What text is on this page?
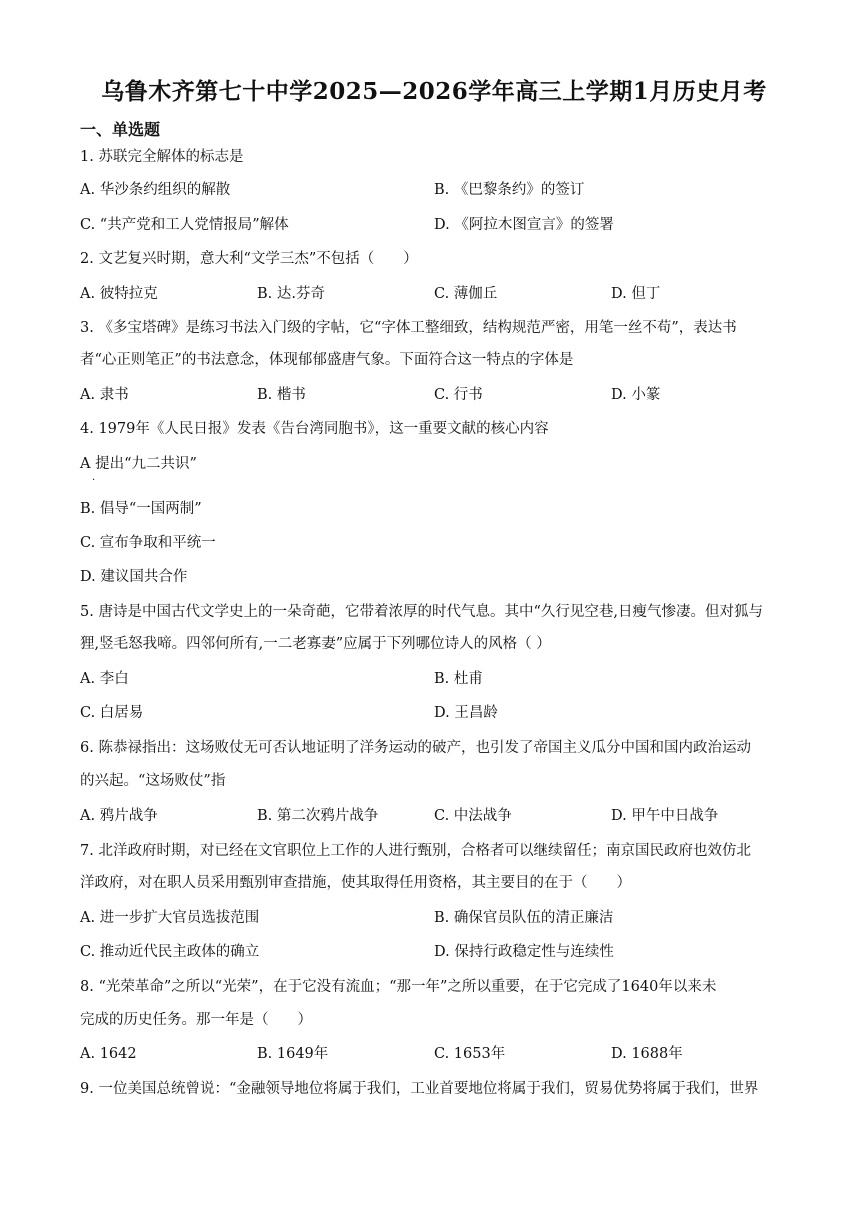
乌鲁木齐第七十中学2025—2026学年高三上学期1月历史月考
一、单选题
1. 苏联完全解体的标志是
A. 华沙条约组织的解散	B. 《巴黎条约》的签订
C. “共产党和工人党情报局”解体	D. 《阿拉木图宣言》的签署
2. 文艺复兴时期，意大利“文学三杰”不包括（　　）
A. 彼特拉克	B. 达.芬奇	C. 薄伽丘	D. 但丁
3. 《多宝塔碑》是练习书法入门级的字帖，它“字体工整细致，结构规范严密，用笔一丝不苟”，表达书
者“心正则笔正”的书法意念，体现郁郁盛唐气象。下面符合这一特点的字体是
A. 隶书	B. 楷书	C. 行书	D. 小篆
4. 1979年《人民日报》发表《告台湾同胞书》，这一重要文献的核心内容
A 提出“九二共识”
·
B. 倡导“一国两制”
C. 宣布争取和平统一
D. 建议国共合作
5. 唐诗是中国古代文学史上的一朵奇葩，它带着浓厚的时代气息。其中“久行见空巷,日瘦气惨凄。但对狐与
狸,竖毛怒我啼。四邻何所有,一二老寡妻”应属于下列哪位诗人的风格（ ）
A. 李白	B. 杜甫
C. 白居易	D. 王昌龄
6. 陈恭禄指出：这场败仗无可否认地证明了洋务运动的破产，也引发了帝国主义瓜分中国和国内政治运动
的兴起。“这场败仗”指
A. 鸦片战争	B. 第二次鸦片战争	C. 中法战争	D. 甲午中日战争
7. 北洋政府时期，对已经在文官职位上工作的人进行甄别，合格者可以继续留任；南京国民政府也效仿北
洋政府，对在职人员采用甄别审查措施，使其取得任用资格，其主要目的在于（　　）
A. 进一步扩大官员选拔范围	B. 确保官员队伍的清正廉洁
C. 推动近代民主政体的确立	D. 保持行政稳定性与连续性
8. “光荣革命”之所以“光荣”，在于它没有流血；“那一年”之所以重要，在于它完成了1640年以来未
完成的历史任务。那一年是（　　）
A. 1642	B. 1649年	C. 1653年	D. 1688年
9. 一位美国总统曾说：“金融领导地位将属于我们，工业首要地位将属于我们，贸易优势将属于我们，世界
